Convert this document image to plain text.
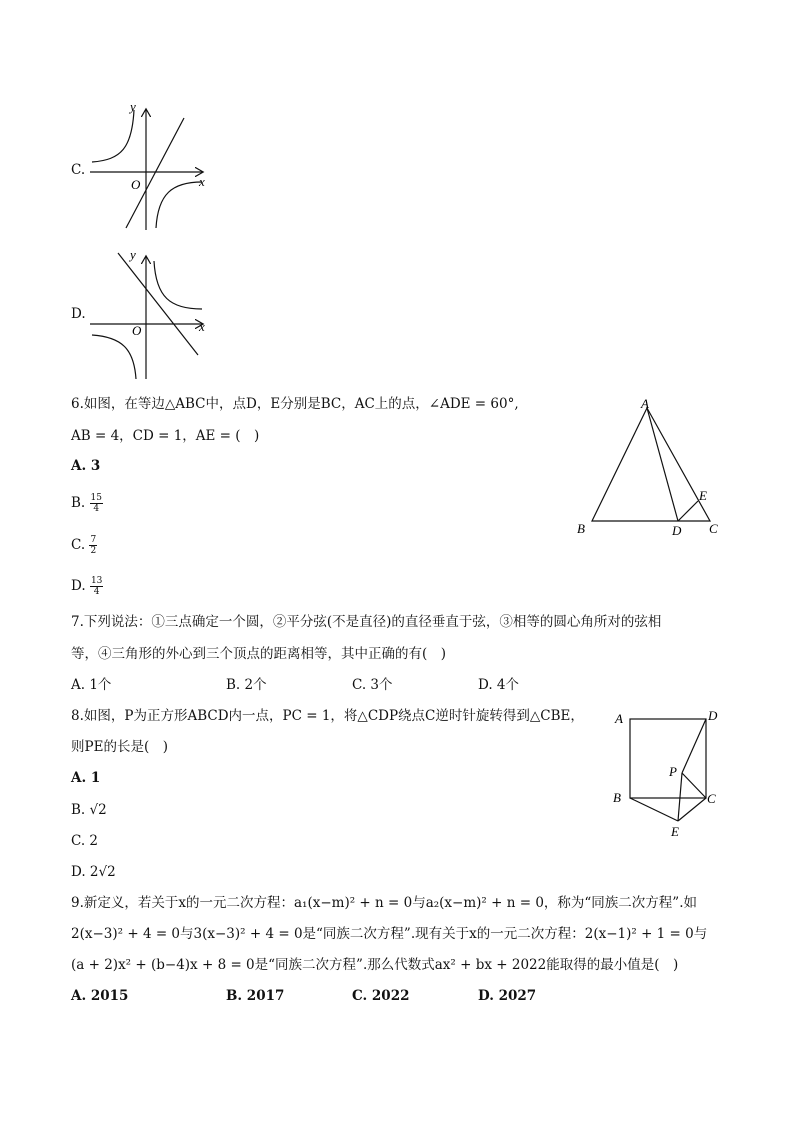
C.
x
y
O
D.
x
y
O
6.如图，在等边△ABC中，点D，E分别是BC，AC上的点，∠ADE = 60°,
AB = 4，CD = 1，AE = (　)
A. 3
B. $\frac{15}{4}$
C. $\frac{7}{2}$
D. $\frac{13}{4}$
A
B	C
D
E
7.下列说法：①三点确定一个圆，②平分弦(不是直径)的直径垂直于弦，③相等的圆心角所对的弦相
等，④三角形的外心到三个顶点的距离相等，其中正确的有(　)
A. 1个	B. 2个	C. 3个	D. 4个
8.如图，P为正方形ABCD内一点，PC = 1，将△CDP绕点C逆时针旋转得到△CBE，
则PE的长是(　)
A. 1
B. √2
C. 2
D. 2√2
A	D
B	C
P
E
9.新定义，若关于x的一元二次方程：a₁(x−m)² + n = 0与a₂(x−m)² + n = 0，称为“同族二次方程”.如
2(x−3)² + 4 = 0与3(x−3)² + 4 = 0是“同族二次方程”.现有关于x的一元二次方程：2(x−1)² + 1 = 0与
(a + 2)x² + (b−4)x + 8 = 0是“同族二次方程”.那么代数式ax² + bx + 2022能取得的最小值是(　)
A. 2015	B. 2017	C. 2022	D. 2027
